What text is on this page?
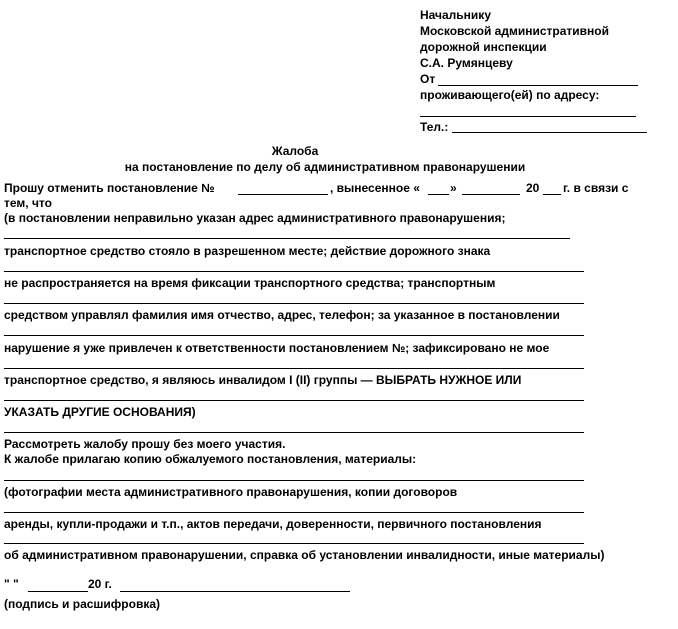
Начальнику
Московской административной
дорожной инспекции
С.А. Румянцеву
От
проживающего(ей) по адресу:
Тел.:
Жалоба
на постановление по делу об административном правонарушении
Прошу отменить постановление №	, вынесенное «	»	20 г. в связи с
тем, что
(в постановлении неправильно указан адрес административного правонарушения;
транспортное средство стояло в разрешенном месте; действие дорожного знака
не распространяется на время фиксации транспортного средства; транспортным
средством управлял фамилия имя отчество, адрес, телефон; за указанное в постановлении
нарушение я уже привлечен к ответственности постановлением №; зафиксировано не мое
транспортное средство, я являюсь инвалидом I (II) группы — ВЫБРАТЬ НУЖНОЕ ИЛИ
УКАЗАТЬ ДРУГИЕ ОСНОВАНИЯ)
Рассмотреть жалобу прошу без моего участия.
К жалобе прилагаю копию обжалуемого постановления, материалы:
(фотографии места административного правонарушения, копии договоров
аренды, купли-продажи и т.п., актов передачи, доверенности, первичного постановления
об административном правонарушении, справка об установлении инвалидности, иные материалы)
" "	20 г.
(подпись и расшифровка)
